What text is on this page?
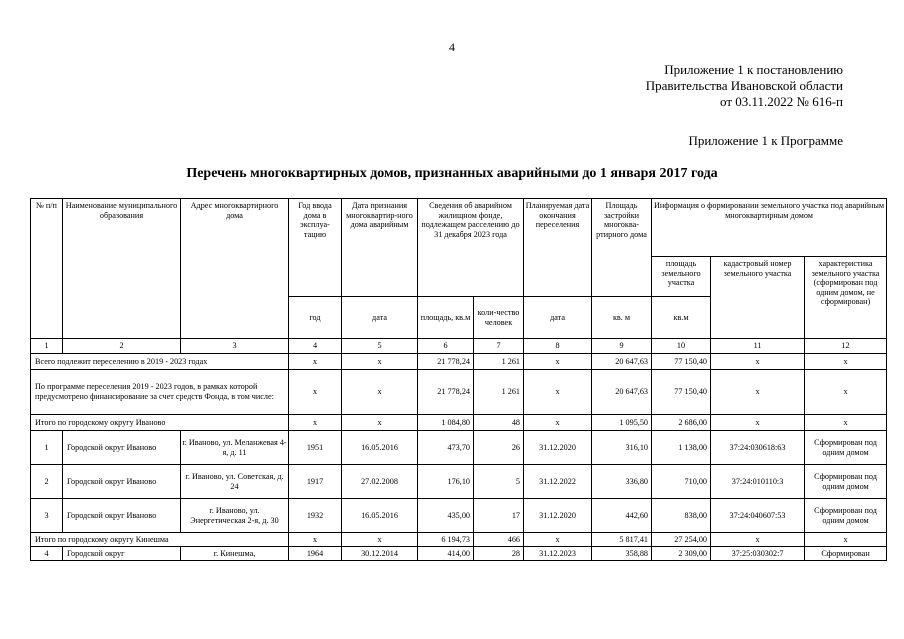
4
Приложение 1 к постановлению
Правительства Ивановской области
от 03.11.2022 № 616-п
Приложение 1 к Программе
Перечень многоквартирных домов, признанных аварийными до 1 января 2017 года
№ п/п	Наименование муниципального образования	Адрес многоквартирного дома	Год ввода дома в эксплуа-тацию	Дата признания многоквартир-ного дома аварийным	Сведения об аварийном жилищном фонде, подлежащем расселению до 31 декабря 2023 года		Планируемая дата окончания переселения	Площадь застройки многоква-ртирного дома	Информация о формировании земельного участка под аварийным многоквартирным домом		
									площадь земельного участка	кадастровый номер земельного участка	характеристика земельного участка (сформирован под одним домом, не сформирован)
			год	дата	площадь, кв.м	коли-чество человек	дата	кв. м	кв.м		
1	2	3	4	5	6	7	8	9	10	11	12
Всего подлежит переселению в 2019 - 2023 годах			х	х	21 778,24	1 261	х	20 647,63	77 150,40	х	х
По программе переселения 2019 - 2023 годов, в рамках которой предусмотрено финансирование за счет средств Фонда, в том числе:			х	х	21 778,24	1 261	х	20 647,63	77 150,40	х	х
Итого по городскому округу Иваново			х	х	1 084,80	48	х	1 095,50	2 686,00	х	х
1	Городской округ Иваново	г. Иваново, ул. Меланжевая 4-я, д. 11	1951	16.05.2016	473,70	26	31.12.2020	316,10	1 138,00	37:24:030618:63	Сформирован под одним домом
2	Городской округ Иваново	г. Иваново, ул. Советская, д. 24	1917	27.02.2008	176,10	5	31.12.2022	336,80	710,00	37:24:010110:3	Сформирован под одним домом
3	Городской округ Иваново	г. Иваново, ул. Энергетическая 2-я, д. 30	1932	16.05.2016	435,00	17	31.12.2020	442,60	838,00	37:24:040607:53	Сформирован под одним домом
Итого по городскому округу Кинешма			х	х	6 194,73	466	х	5 817,41	27 254,00	х	х
4	Городской округ	г. Кинешма,	1964	30.12.2014	414,00	28	31.12.2023	358,88	2 309,00	37:25:030302:7	Сформирован
